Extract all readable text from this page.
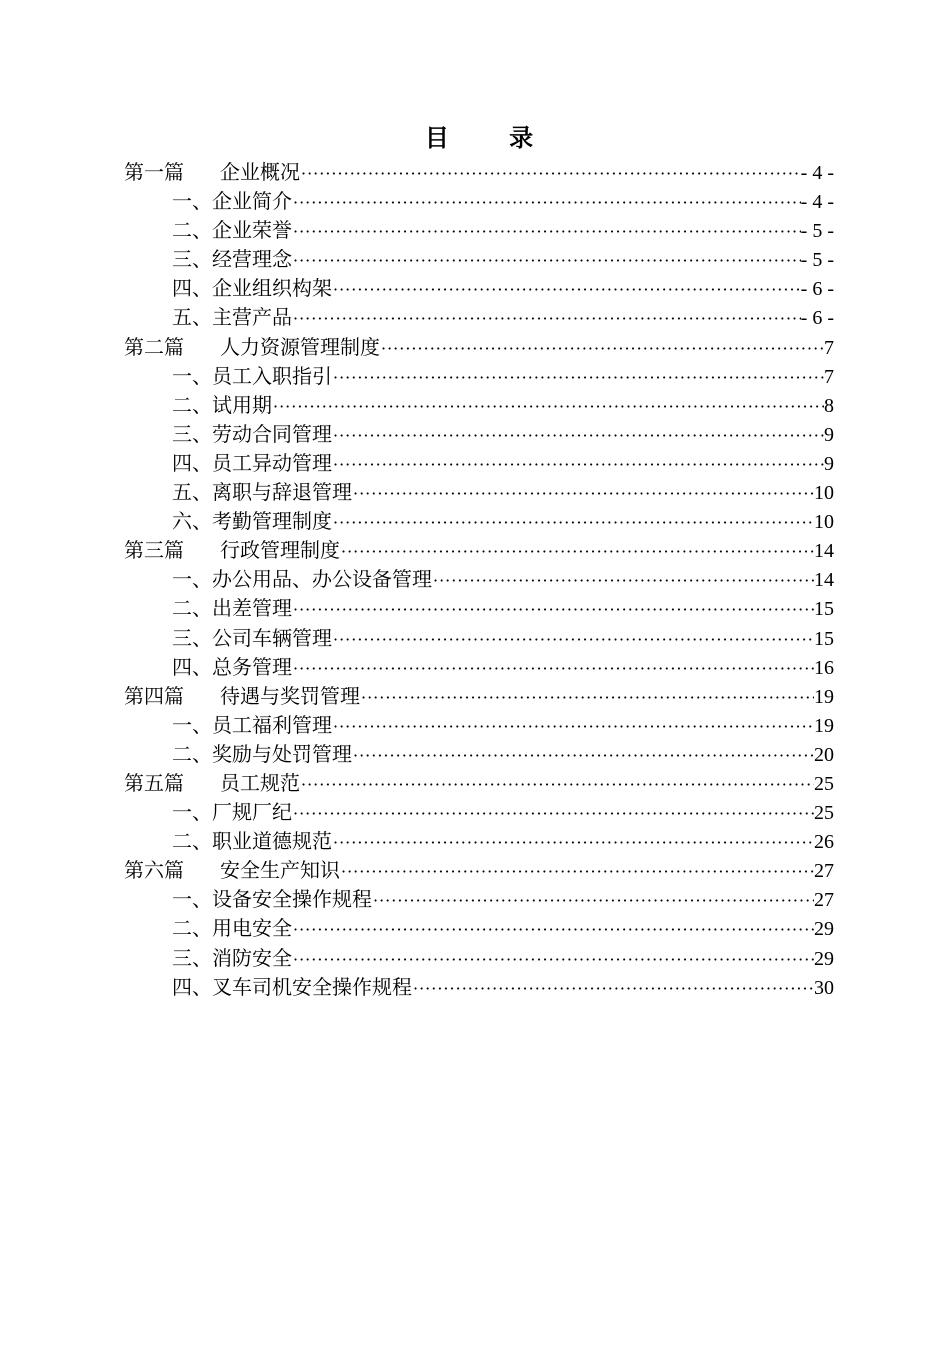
目 录
第一篇	企业概况 ·····	- 4 -
一、 企业简介 ·····	- 4 -
二、 企业荣誉 ·····	- 5 -
三、 经营理念 ·····	- 5 -
四、 企业组织构架 ·····	- 6 -
五、 主营产品 ·····	- 6 -
第二篇	人力资源管理制度 ·····	7
一、 员工入职指引 ·····	7
二、 试用期 ·····	8
三、 劳动合同管理 ·····	9
四、 员工异动管理 ·····	9
五、 离职与辞退管理 ·····	10
六、 考勤管理制度 ·····	10
第三篇	行政管理制度 ·····	14
一、 办公用品、办公设备管理 ·····	14
二、 出差管理 ·····	15
三、 公司车辆管理 ·····	15
四、 总务管理 ·····	16
第四篇	待遇与奖罚管理 ·····	19
一、 员工福利管理 ·····	19
二、 奖励与处罚管理 ·····	20
第五篇	员工规范 ·····	25
一、 厂规厂纪 ·····	25
二、 职业道德规范 ·····	26
第六篇	安全生产知识 ·····	27
一、 设备安全操作规程 ·····	27
二、 用电安全 ·····	29
三、 消防安全 ·····	29
四、 叉车司机安全操作规程 ·····	30
